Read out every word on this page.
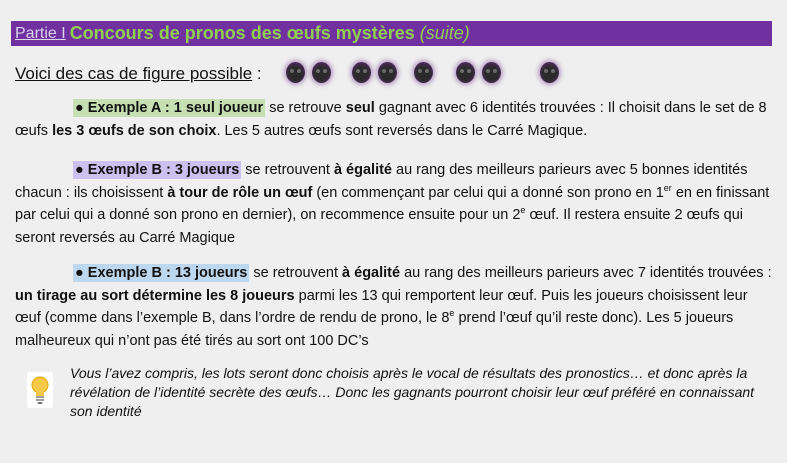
Partie I Concours de pronos des œufs mystères (suite)
Voici des cas de figure possible :
● Exemple A : 1 seul joueur se retrouve seul gagnant avec 6 identités trouvées : Il choisit dans le set de 8 œufs les 3 œufs de son choix. Les 5 autres œufs sont reversés dans le Carré Magique.
● Exemple B : 3 joueurs se retrouvent à égalité au rang des meilleurs parieurs avec 5 bonnes identités chacun : ils choisissent à tour de rôle un œuf (en commençant par celui qui a donné son prono en 1er en en finissant par celui qui a donné son prono en dernier), on recommence ensuite pour un 2e œuf. Il restera ensuite 2 œufs qui seront reversés au Carré Magique
● Exemple B : 13 joueurs se retrouvent à égalité au rang des meilleurs parieurs avec 7 identités trouvées : un tirage au sort détermine les 8 joueurs parmi les 13 qui remportent leur œuf. Puis les joueurs choisissent leur œuf (comme dans l’exemple B, dans l’ordre de rendu de prono, le 8e prend l’œuf qu’il reste donc). Les 5 joueurs malheureux qui n’ont pas été tirés au sort ont 100 DC’s
Vous l’avez compris, les lots seront donc choisis après le vocal de résultats des pronostics… et donc après la révélation de l’identité secrète des œufs… Donc les gagnants pourront choisir leur œuf préféré en connaissant son identité
